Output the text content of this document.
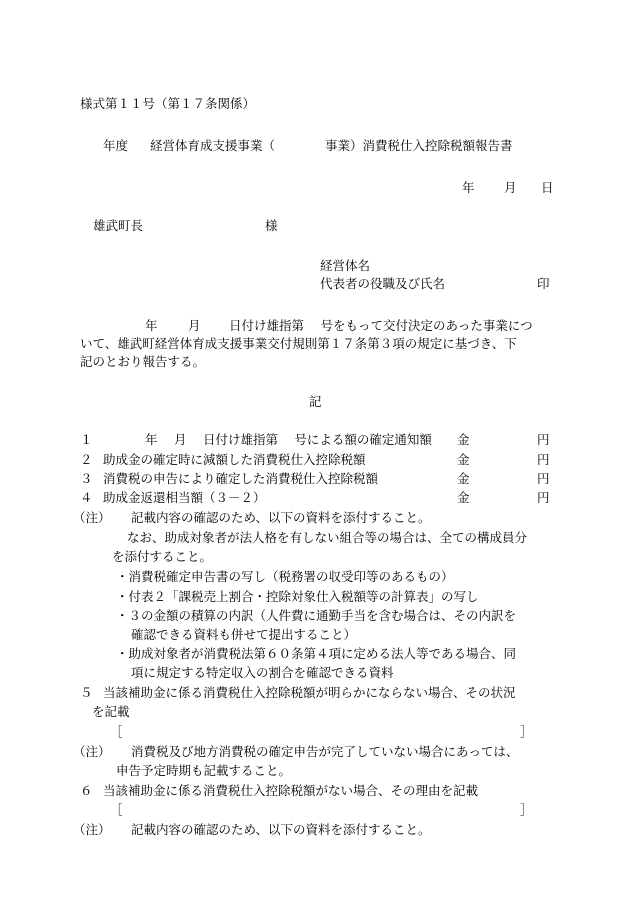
様式第１１号（第１７条関係）
年度 経営体育成支援事業（	事業）消費税仕入控除税額報告書
年 月 日
雄武町長	様
経営体名
代表者の役職及び氏名	印
年 月 日付け雄指第　 号をもって交付決定のあった事業につ
いて、雄武町経営体育成支援事業交付規則第１７条第３項の規定に基づき、下
記のとおり報告する。
記
１	年　 月　 日付け雄指第　 号による額の確定通知額 金	円
２ 助成金の確定時に減額した消費税仕入控除税額	金	円
３ 消費税の申告により確定した消費税仕入控除税額	金	円
４ 助成金返還相当額（３－２）	金	円
（注） 記載内容の確認のため、以下の資料を添付すること。
なお、助成対象者が法人格を有しない組合等の場合は、全ての構成員分
を添付すること。
・消費税確定申告書の写し（税務署の収受印等のあるもの）
・付表２「課税売上割合・控除対象仕入税額等の計算表」の写し
・３の金額の積算の内訳（人件費に通勤手当を含む場合は、その内訳を
確認できる資料も併せて提出すること）
・助成対象者が消費税法第６０条第４項に定める法人等である場合、同
項に規定する特定収入の割合を確認できる資料
５ 当該補助金に係る消費税仕入控除税額が明らかにならない場合、その状況
を記載
［	］
（注） 消費税及び地方消費税の確定申告が完了していない場合にあっては、
申告予定時期も記載すること。
６ 当該補助金に係る消費税仕入控除税額がない場合、その理由を記載
［	］
（注） 記載内容の確認のため、以下の資料を添付すること。
